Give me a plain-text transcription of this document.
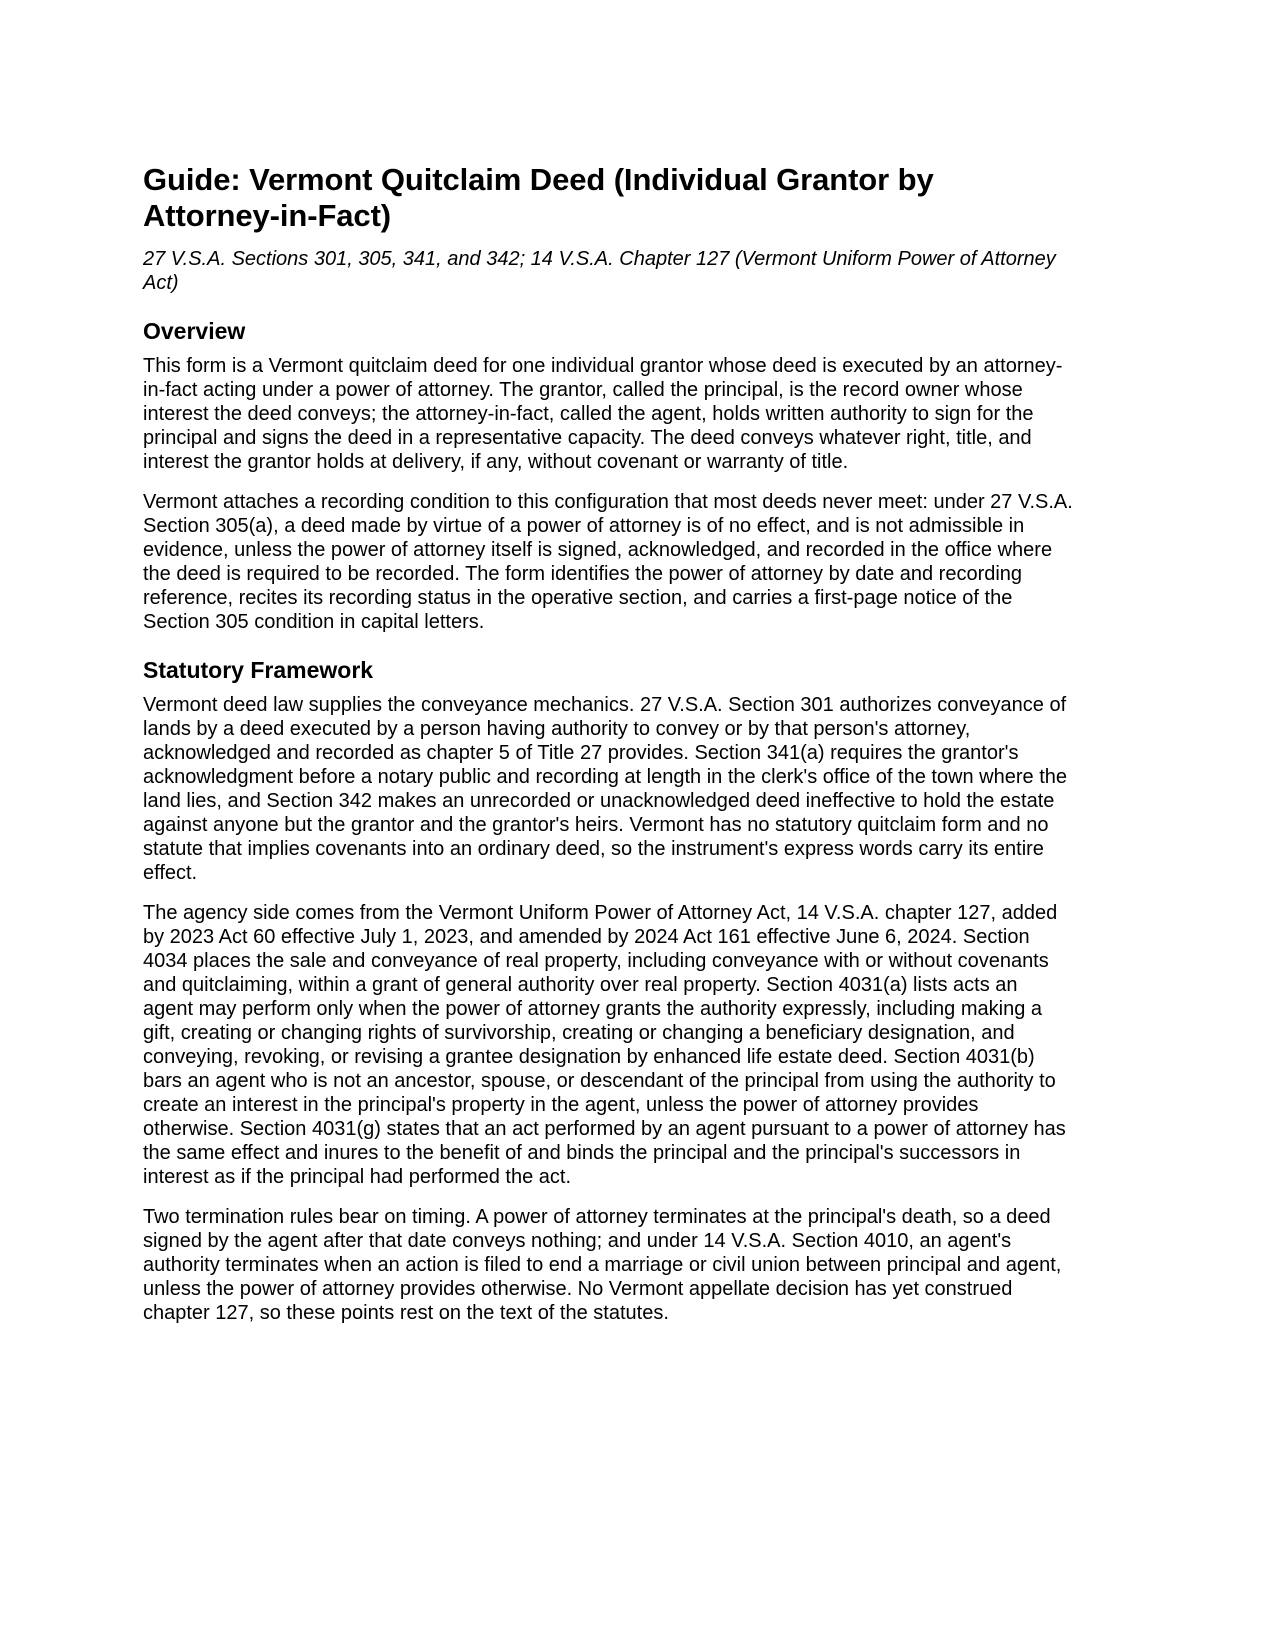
Guide: Vermont Quitclaim Deed (Individual Grantor by Attorney-in-Fact)
27 V.S.A. Sections 301, 305, 341, and 342; 14 V.S.A. Chapter 127 (Vermont Uniform Power of Attorney Act)
Overview

This form is a Vermont quitclaim deed for one individual grantor whose deed is executed by an attorney-in-fact acting under a power of attorney. The grantor, called the principal, is the record owner whose interest the deed conveys; the attorney-in-fact, called the agent, holds written authority to sign for the principal and signs the deed in a representative capacity. The deed conveys whatever right, title, and interest the grantor holds at delivery, if any, without covenant or warranty of title.

Vermont attaches a recording condition to this configuration that most deeds never meet: under 27 V.S.A. Section 305(a), a deed made by virtue of a power of attorney is of no effect, and is not admissible in evidence, unless the power of attorney itself is signed, acknowledged, and recorded in the office where the deed is required to be recorded. The form identifies the power of attorney by date and recording reference, recites its recording status in the operative section, and carries a first-page notice of the Section 305 condition in capital letters.

Statutory Framework

Vermont deed law supplies the conveyance mechanics. 27 V.S.A. Section 301 authorizes conveyance of lands by a deed executed by a person having authority to convey or by that person's attorney, acknowledged and recorded as chapter 5 of Title 27 provides. Section 341(a) requires the grantor's acknowledgment before a notary public and recording at length in the clerk's office of the town where the land lies, and Section 342 makes an unrecorded or unacknowledged deed ineffective to hold the estate against anyone but the grantor and the grantor's heirs. Vermont has no statutory quitclaim form and no statute that implies covenants into an ordinary deed, so the instrument's express words carry its entire effect.

The agency side comes from the Vermont Uniform Power of Attorney Act, 14 V.S.A. chapter 127, added by 2023 Act 60 effective July 1, 2023, and amended by 2024 Act 161 effective June 6, 2024. Section 4034 places the sale and conveyance of real property, including conveyance with or without covenants and quitclaiming, within a grant of general authority over real property. Section 4031(a) lists acts an agent may perform only when the power of attorney grants the authority expressly, including making a gift, creating or changing rights of survivorship, creating or changing a beneficiary designation, and conveying, revoking, or revising a grantee designation by enhanced life estate deed. Section 4031(b) bars an agent who is not an ancestor, spouse, or descendant of the principal from using the authority to create an interest in the principal's property in the agent, unless the power of attorney provides otherwise. Section 4031(g) states that an act performed by an agent pursuant to a power of attorney has the same effect and inures to the benefit of and binds the principal and the principal's successors in interest as if the principal had performed the act.

Two termination rules bear on timing. A power of attorney terminates at the principal's death, so a deed signed by the agent after that date conveys nothing; and under 14 V.S.A. Section 4010, an agent's authority terminates when an action is filed to end a marriage or civil union between principal and agent, unless the power of attorney provides otherwise. No Vermont appellate decision has yet construed chapter 127, so these points rest on the text of the statutes.
